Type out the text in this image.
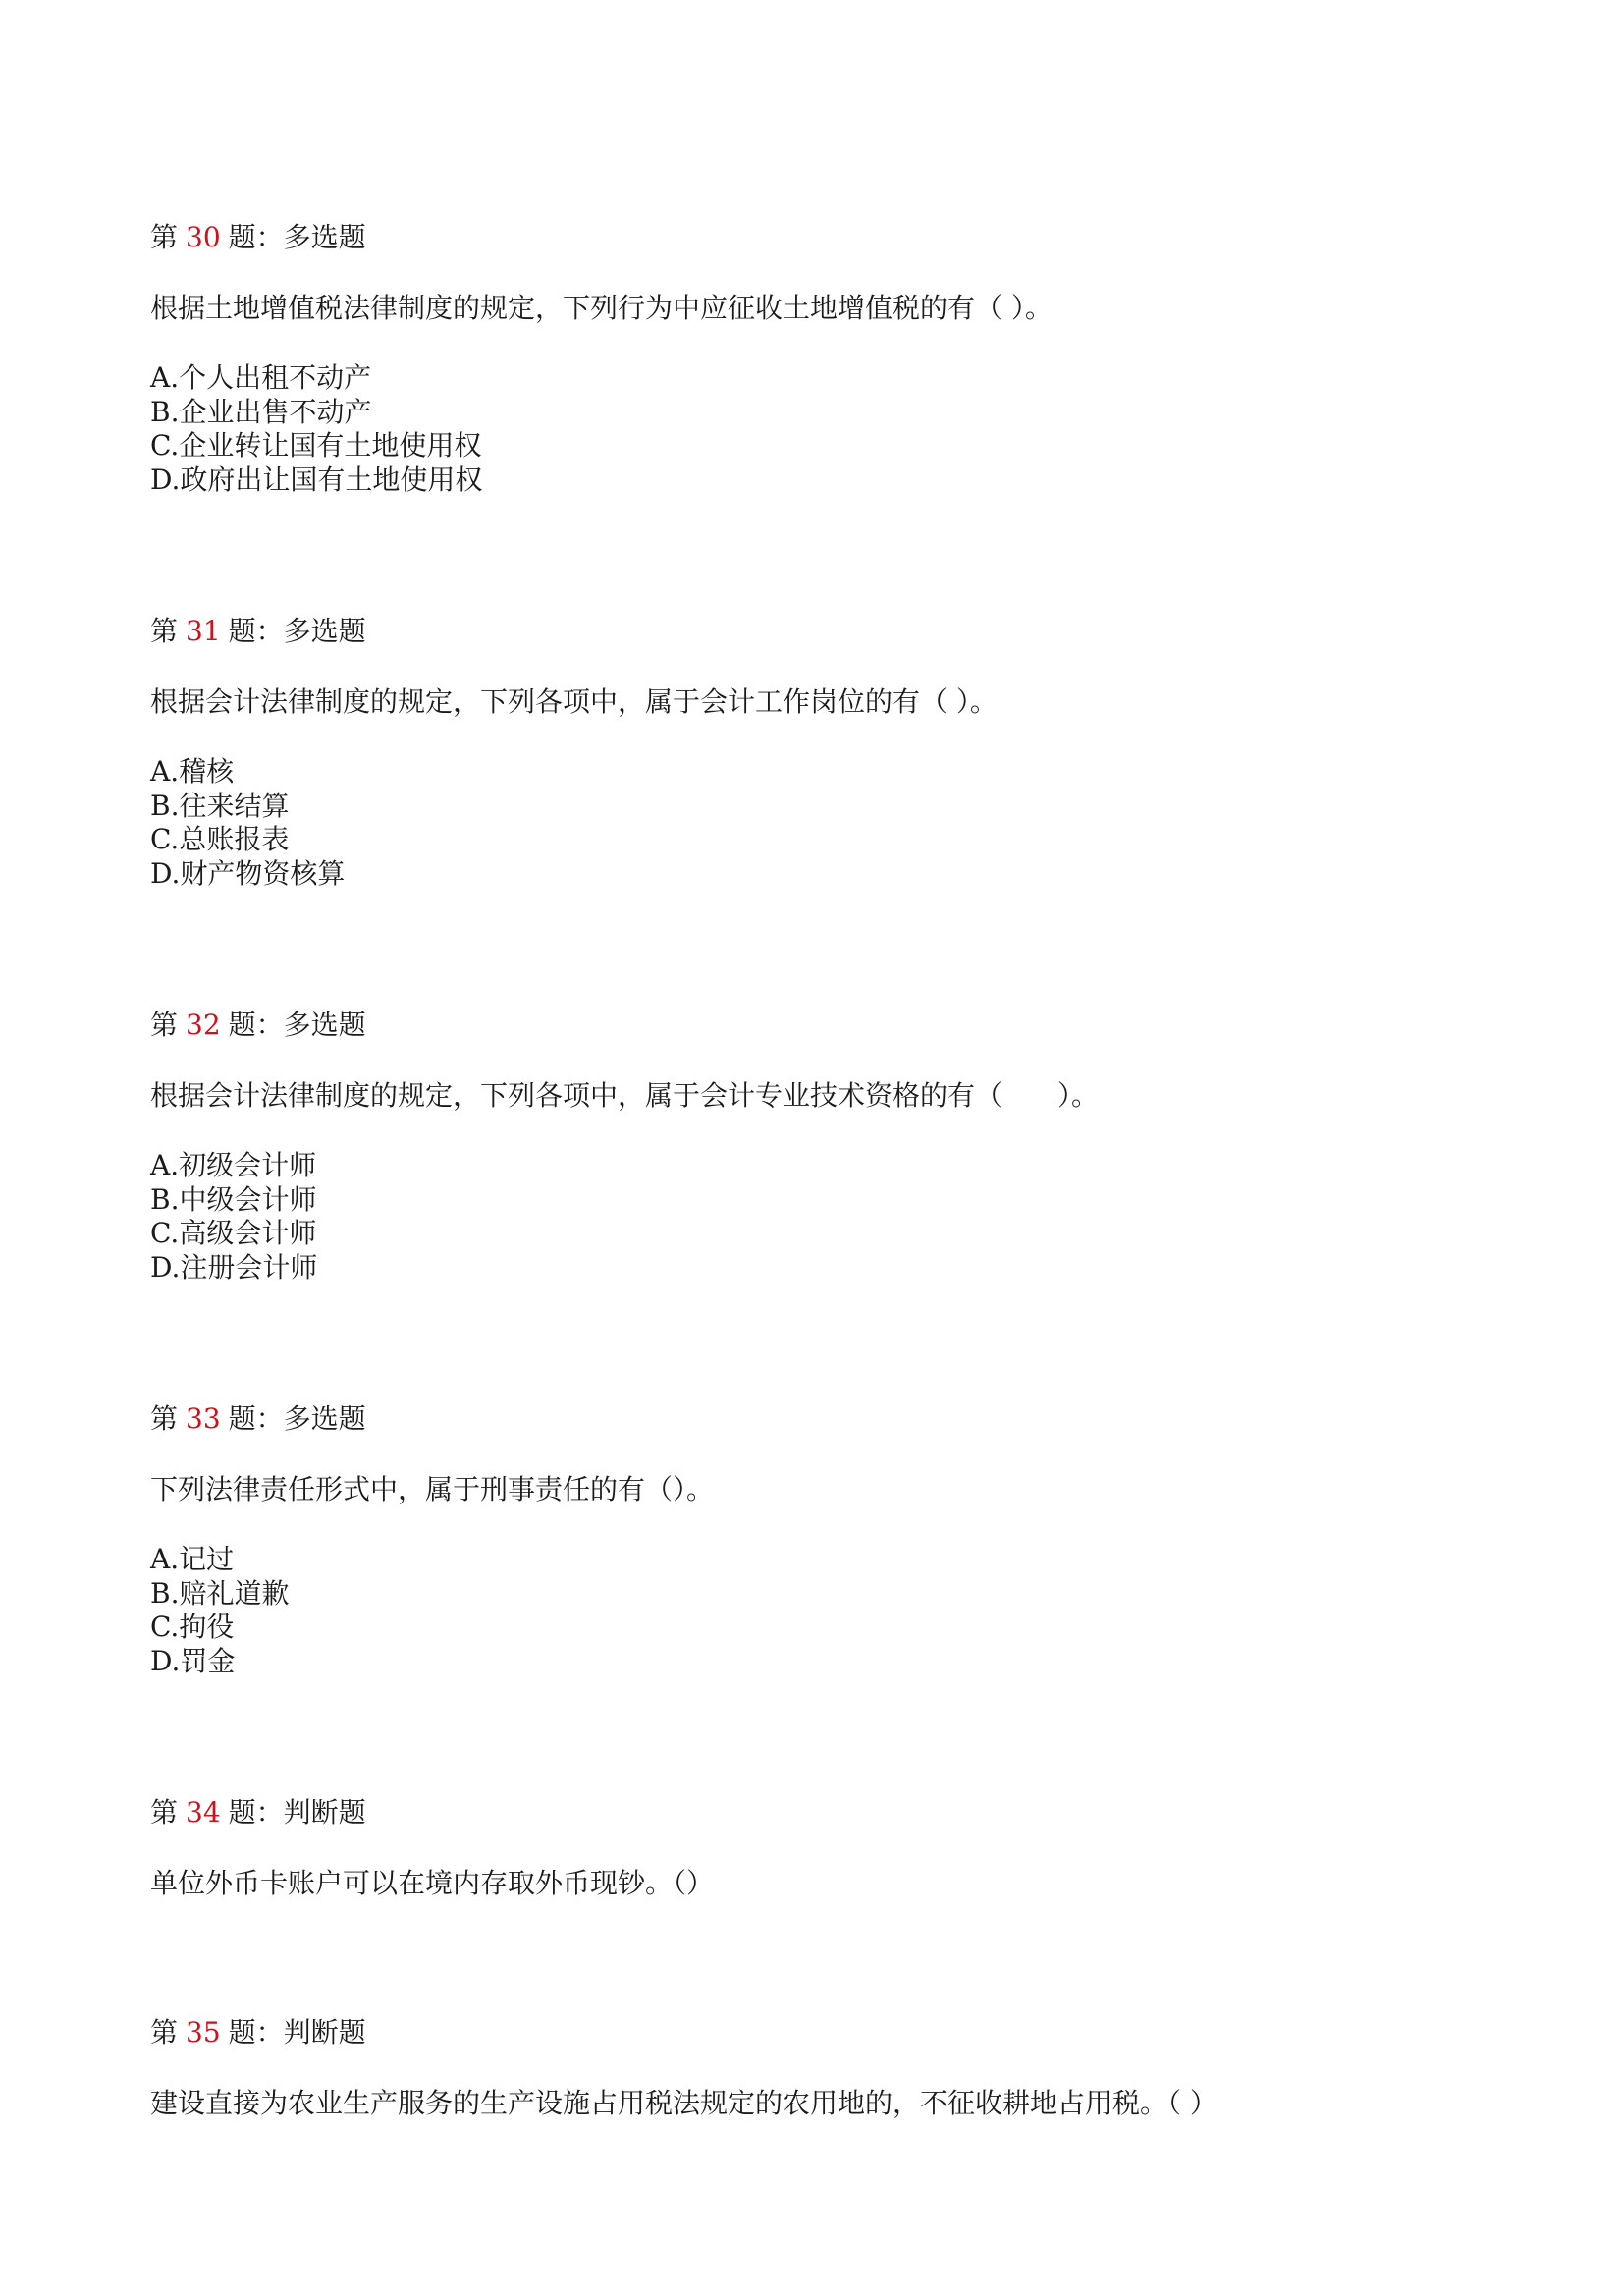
第 30 题：多选题
根据土地增值税法律制度的规定，下列行为中应征收土地增值税的有（ ）。
A.个人出租不动产
B.企业出售不动产
C.企业转让国有土地使用权
D.政府出让国有土地使用权
第 31 题：多选题
根据会计法律制度的规定，下列各项中，属于会计工作岗位的有（ ）。
A.稽核
B.往来结算
C.总账报表
D.财产物资核算
第 32 题：多选题
根据会计法律制度的规定，下列各项中，属于会计专业技术资格的有（　　）。
A.初级会计师
B.中级会计师
C.高级会计师
D.注册会计师
第 33 题：多选题
下列法律责任形式中，属于刑事责任的有（）。
A.记过
B.赔礼道歉
C.拘役
D.罚金
第 34 题：判断题
单位外币卡账户可以在境内存取外币现钞。（）
第 35 题：判断题
建设直接为农业生产服务的生产设施占用税法规定的农用地的，不征收耕地占用税。（ ）
